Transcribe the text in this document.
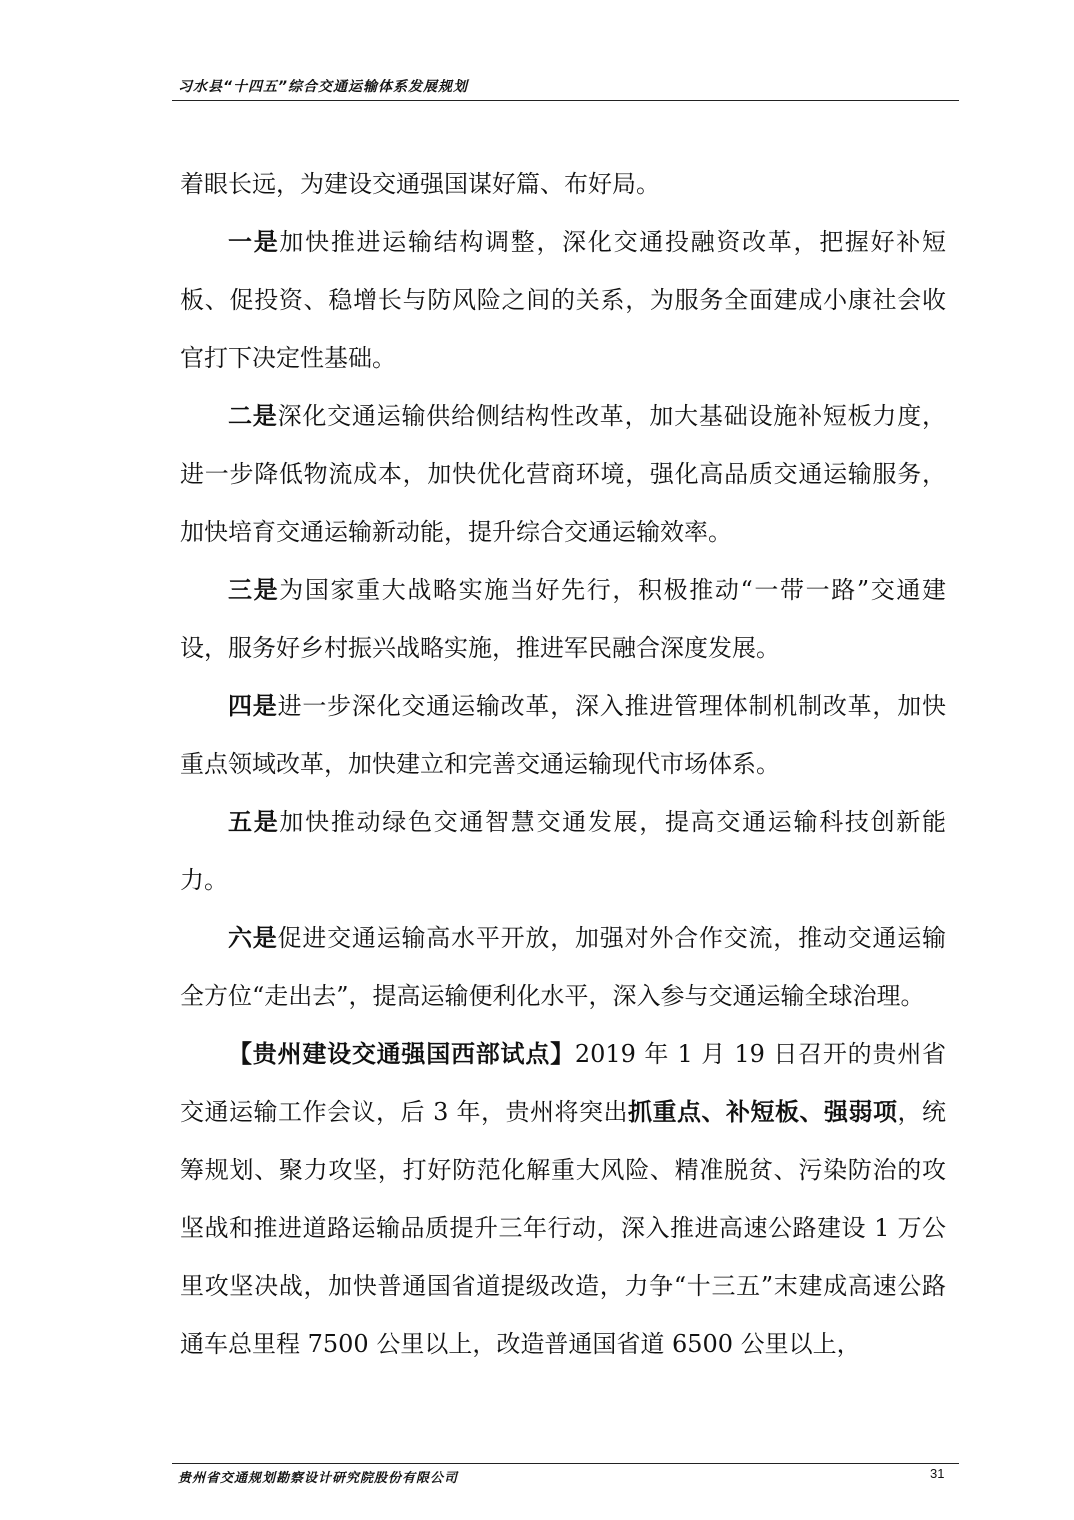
习水县“十四五”综合交通运输体系发展规划

着眼长远，为建设交通强国谋好篇、布好局。

一是加快推进运输结构调整，深化交通投融资改革，把握好补短板、促投资、稳增长与防风险之间的关系，为服务全面建成小康社会收官打下决定性基础。

二是深化交通运输供给侧结构性改革，加大基础设施补短板力度，进一步降低物流成本，加快优化营商环境，强化高品质交通运输服务，加快培育交通运输新动能，提升综合交通运输效率。

三是为国家重大战略实施当好先行，积极推动“一带一路”交通建设，服务好乡村振兴战略实施，推进军民融合深度发展。

四是进一步深化交通运输改革，深入推进管理体制机制改革，加快重点领域改革，加快建立和完善交通运输现代市场体系。

五是加快推动绿色交通智慧交通发展，提高交通运输科技创新能力。

六是促进交通运输高水平开放，加强对外合作交流，推动交通运输全方位“走出去”，提高运输便利化水平，深入参与交通运输全球治理。

【贵州建设交通强国西部试点】2019 年 1 月 19 日召开的贵州省交通运输工作会议，后 3 年，贵州将突出抓重点、补短板、强弱项，统筹规划、聚力攻坚，打好防范化解重大风险、精准脱贫、污染防治的攻坚战和推进道路运输品质提升三年行动，深入推进高速公路建设 1 万公里攻坚决战，加快普通国省道提级改造，力争“十三五”末建成高速公路通车总里程 7500 公里以上，改造普通国省道 6500 公里以上，

贵州省交通规划勘察设计研究院股份有限公司	31
